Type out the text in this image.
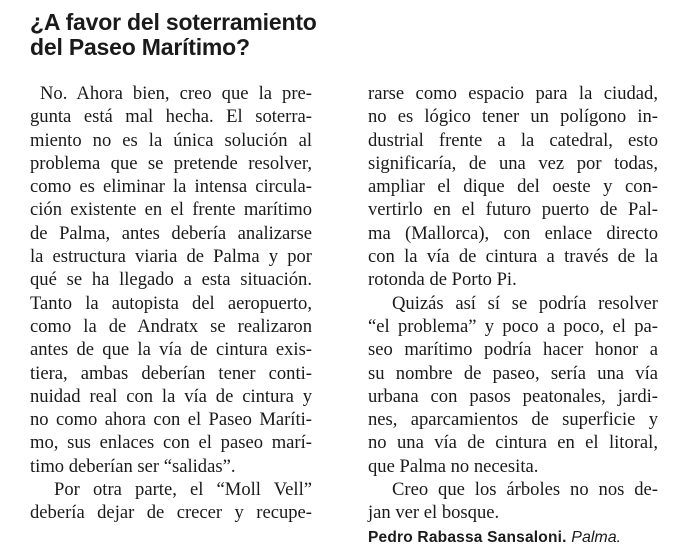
¿A favor del soterramiento
del Paseo Marítimo?
No. Ahora bien, creo que la pre-
gunta está mal hecha. El soterra-
miento no es la única solución al
problema que se pretende resolver,
como es eliminar la intensa circula-
ción existente en el frente marítimo
de Palma, antes debería analizarse
la estructura viaria de Palma y por
qué se ha llegado a esta situación.
Tanto la autopista del aeropuerto,
como la de Andratx se realizaron
antes de que la vía de cintura exis-
tiera, ambas deberían tener conti-
nuidad real con la vía de cintura y
no como ahora con el Paseo Maríti-
mo, sus enlaces con el paseo marí-
timo deberían ser “salidas”.
Por otra parte, el “Moll Vell”
debería dejar de crecer y recupe-
rarse como espacio para la ciudad,
no es lógico tener un polígono in-
dustrial frente a la catedral, esto
significaría, de una vez por todas,
ampliar el dique del oeste y con-
vertirlo en el futuro puerto de Pal-
ma (Mallorca), con enlace directo
con la vía de cintura a través de la
rotonda de Porto Pi.
Quizás así sí se podría resolver
“el problema” y poco a poco, el pa-
seo marítimo podría hacer honor a
su nombre de paseo, sería una vía
urbana con pasos peatonales, jardi-
nes, aparcamientos de superficie y
no una vía de cintura en el litoral,
que Palma no necesita.
Creo que los árboles no nos de-
jan ver el bosque.
Pedro Rabassa Sansaloni. Palma.
